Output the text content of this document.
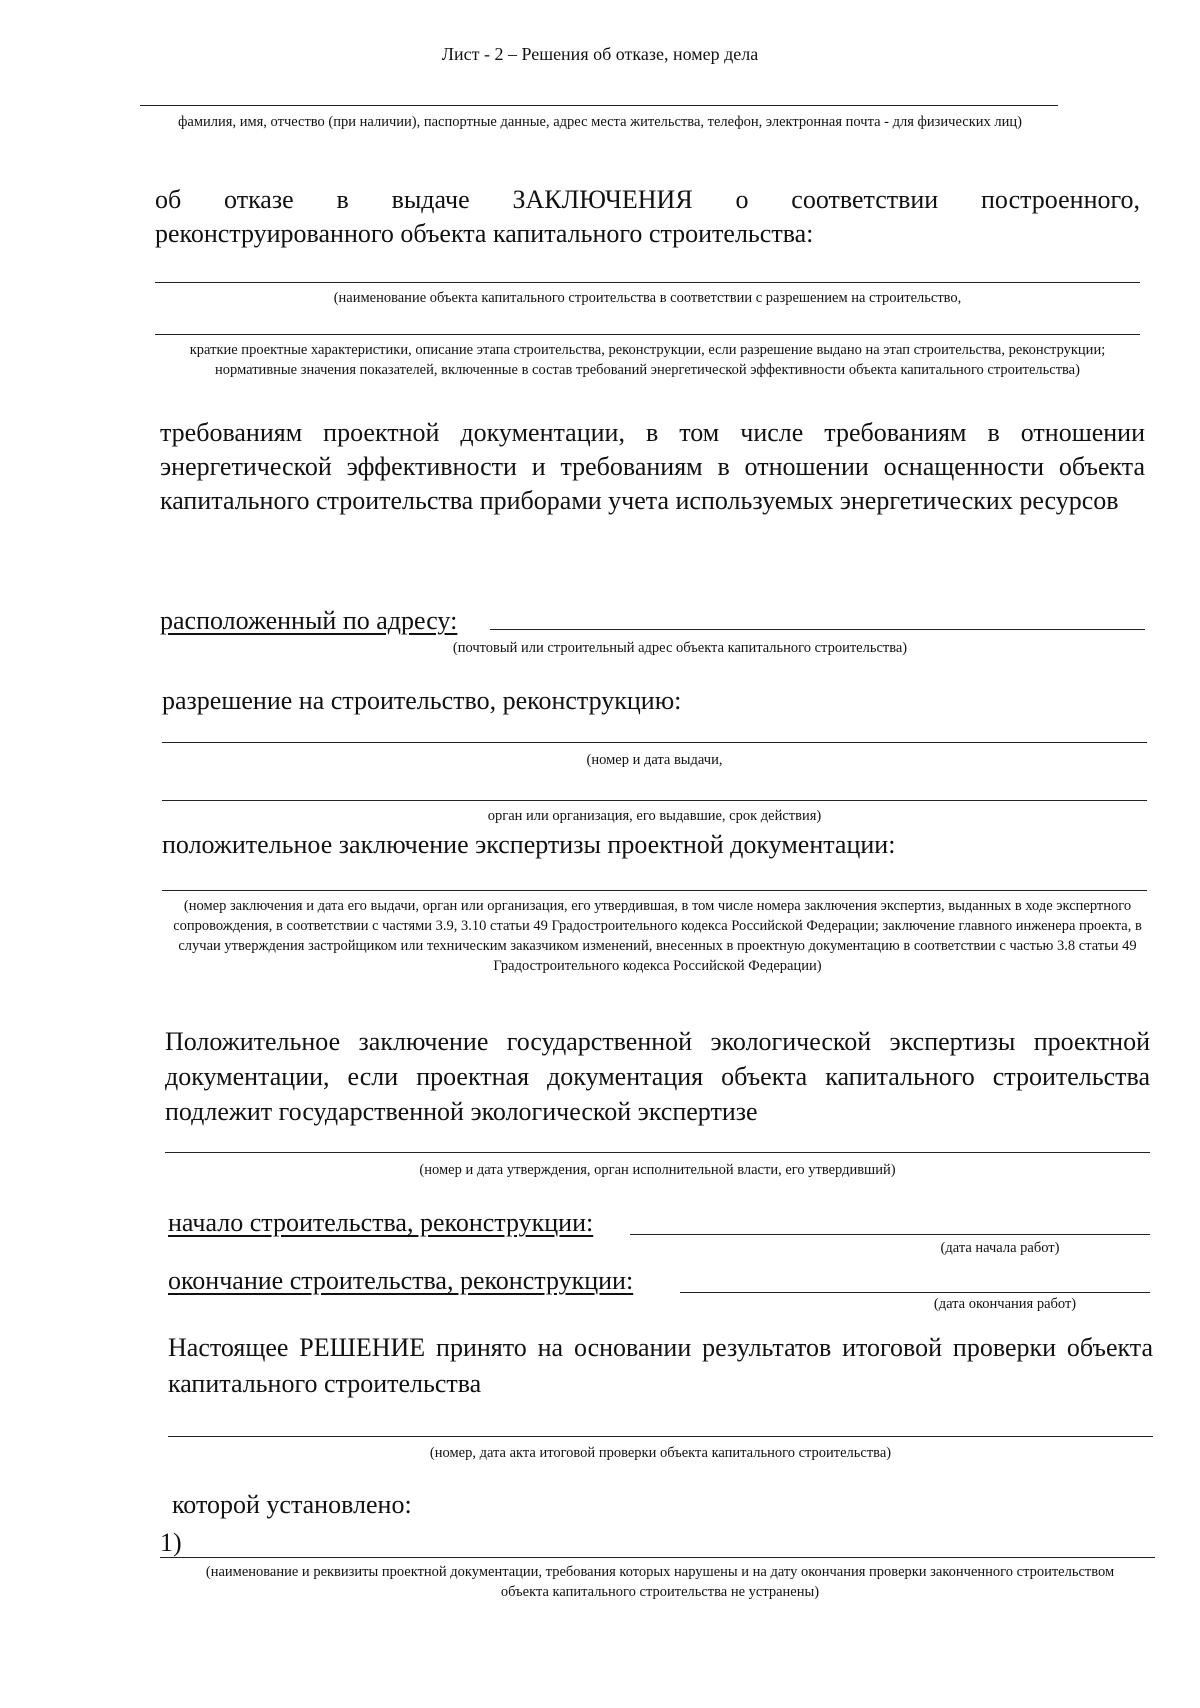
Лист - 2 – Решения об отказе, номер дела
фамилия, имя, отчество (при наличии), паспортные данные, адрес места жительства, телефон, электронная почта - для физических лиц)
об отказе в выдаче ЗАКЛЮЧЕНИЯ о соответствии построенного,
реконструированного объекта капитального строительства:
(наименование объекта капитального строительства в соответствии с разрешением на строительство,
краткие проектные характеристики, описание этапа строительства, реконструкции, если разрешение выдано на этап строительства, реконструкции; нормативные значения показателей, включенные в состав требований энергетической эффективности объекта капитального строительства)
требованиям проектной документации, в том числе требованиям в отношении энергетической эффективности и требованиям в отношении оснащенности объекта капитального строительства приборами учета используемых энергетических ресурсов
расположенный по адресу:
(почтовый или строительный адрес объекта капитального строительства)
разрешение на строительство, реконструкцию:
(номер и дата выдачи,
орган или организация, его выдавшие, срок действия)
положительное заключение экспертизы проектной документации:
(номер заключения и дата его выдачи, орган или организация, его утвердившая, в том числе номера заключения экспертиз, выданных в ходе экспертного сопровождения, в соответствии с частями 3.9, 3.10 статьи 49 Градостроительного кодекса Российской Федерации; заключение главного инженера проекта, в случаи утверждения застройщиком или техническим заказчиком изменений, внесенных в проектную документацию в соответствии с частью 3.8 статьи 49 Градостроительного кодекса Российской Федерации)
Положительное заключение государственной экологической экспертизы проектной документации, если проектная документация объекта капитального строительства подлежит государственной экологической экспертизе
(номер и дата утверждения, орган исполнительной власти, его утвердивший)
начало строительства, реконструкции:
(дата начала работ)
окончание строительства, реконструкции:
(дата окончания работ)
Настоящее РЕШЕНИЕ принято на основании результатов итоговой проверки объекта капитального строительства
(номер, дата акта итоговой проверки объекта капитального строительства)
которой установлено:
1)
(наименование и реквизиты проектной документации, требования которых нарушены и на дату окончания проверки законченного строительством объекта капитального строительства не устранены)
